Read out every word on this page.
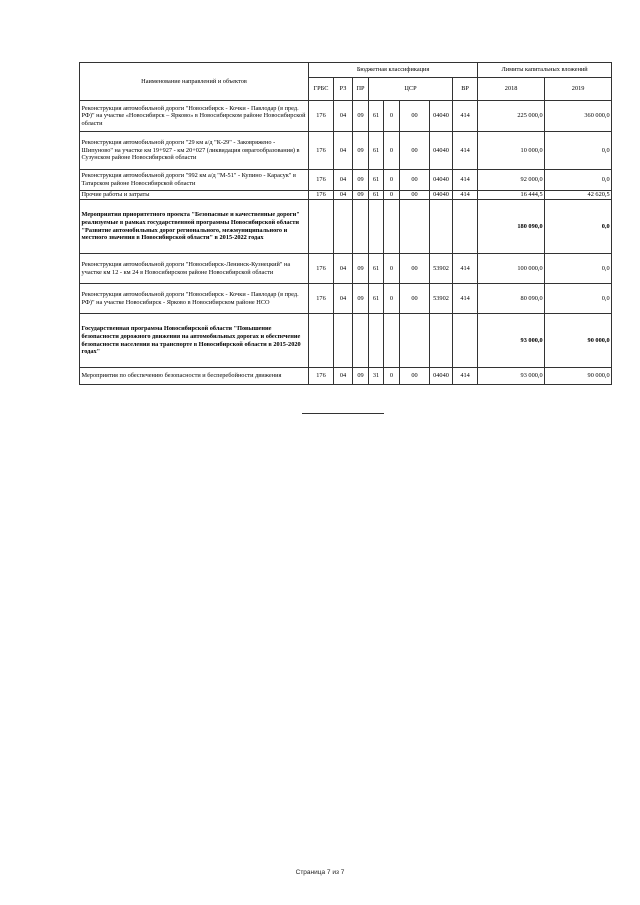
Наименование направлений и объектов	Бюджетная классификация								Лимиты капитальных вложений	
	ГРБС	РЗ	ПР	ЦСР				ВР	2018	2019
Реконструкция автомобильной дороги "Новосибирск - Кочки - Павлодар (в пред. РФ)" на участке «Новосибирск – Ярково» в Новосибирском районе Новосибирской области	176	04	09	61	0	00	04040	414	225 000,0	360 000,0
Реконструкция автомобильной дороги "29 км а/д "К-29" - Заковряжено - Шипуново" на участке км 19+927 - км 20+027 (ликвидация оврагообразования) в Сузунском районе Новосибирской области	176	04	09	61	0	00	04040	414	10 000,0	0,0
Реконструкция автомобильной дороги "992 км а/д "М-51" - Купино - Карасук" в Татарском районе Новосибирской области	176	04	09	61	0	00	04040	414	92 000,0	0,0
Прочие работы и затраты	176	04	09	61	0	00	04040	414	16 444,5	42 620,5
Мероприятия приоритетного проекта "Безопасные и качественные дороги" реализуемые в рамках государственной программы Новосибирской области "Развитие автомобильных дорог регионального, межмуниципального и местного значения в Новосибирской области" в 2015-2022 годах									180 090,0	0,0
Реконструкция автомобильной дороги "Новосибирск-Ленинск-Кузнецкий" на участке км 12 - км 24 в Новосибирском районе Новосибирской области	176	04	09	61	0	00	53902	414	100 000,0	0,0
Реконструкция автомобильной дороги "Новосибирск - Кочки - Павлодар (в пред. РФ)" на участке Новосибирск - Ярково в Новосибирском районе НСО	176	04	09	61	0	00	53902	414	80 090,0	0,0
Государственная программа Новосибирской области "Повышение безопасности дорожного движения на автомобильных дорогах и обеспечение безопасности населения на транспорте в Новосибирской области в 2015-2020 годах"									93 000,0	90 000,0
Мероприятия по обеспечению безопасности и бесперебойности движения	176	04	09	31	0	00	04040	414	93 000,0	90 000,0
Страница 7 из 7
